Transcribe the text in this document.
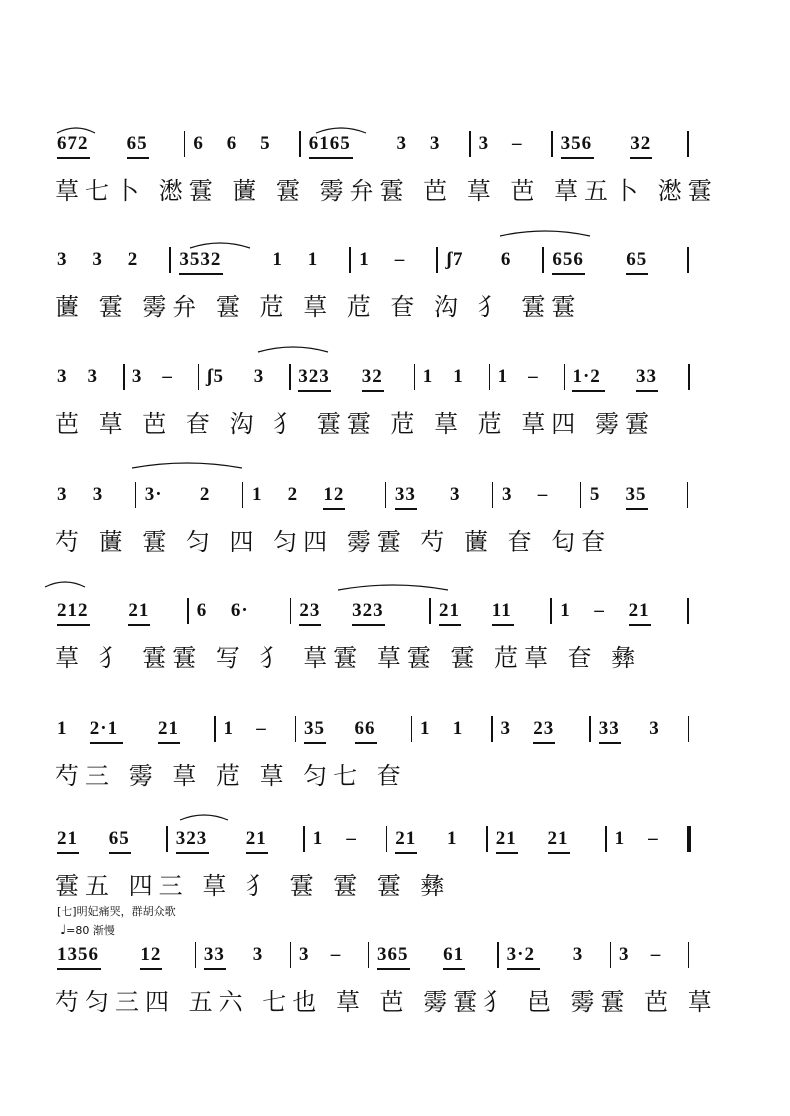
672 65 6 6 5 6165 3 3 3 – 356 32
䓍七卜 㵞䨢 䕚 䨢 䨦弁䨢 芭 䓍 芭 䓍五卜 㵞䨢
3 3 2 3532	1 1 1 – ʃ7 6 656 65
䕚 䨢 䨦弁 䨢 苊 䓍 苊 奆 沟 犭 䨢䨢
3 3 3 – ʃ5 3 323 32 1 1 1 – 1·2 33
芭 䓍 芭 奆 沟 犭 䨢䨢 苊 䓍 苊 䓍四 䨦䨢
3 3 3· 2 1 2 12	33 3 3 – 5 35
芍 䕚 䨢 匀 四 匀四 䨦䨢 芍 䕚 奆 匂奆
212 21 6 6·	23 323	21 11	1 – 21
䓍 犭 䨢䨢 写 犭 䓍䨢 䓍䨢 䨢 苊䓍 奆 彝
1 2·1 21 1 – 35 66 1 1 3 23 33 3
芍三 䨦 䓍 苊 䓍 匀七 奆
21 65 323 21 1 – 21 1 21 21 1 –
䨢五 四三 䓍 犭 䨢 䨢 䨢 彝
1356 12 33 3 3 – 365 61 3·2 3 3 –
芍匀三四 五六 七也 䓍 芭 䨦䨢犭 邑 䨦䨢 芭 䓍
[七]明妃痛哭，群胡众歌
♩=80 渐慢
